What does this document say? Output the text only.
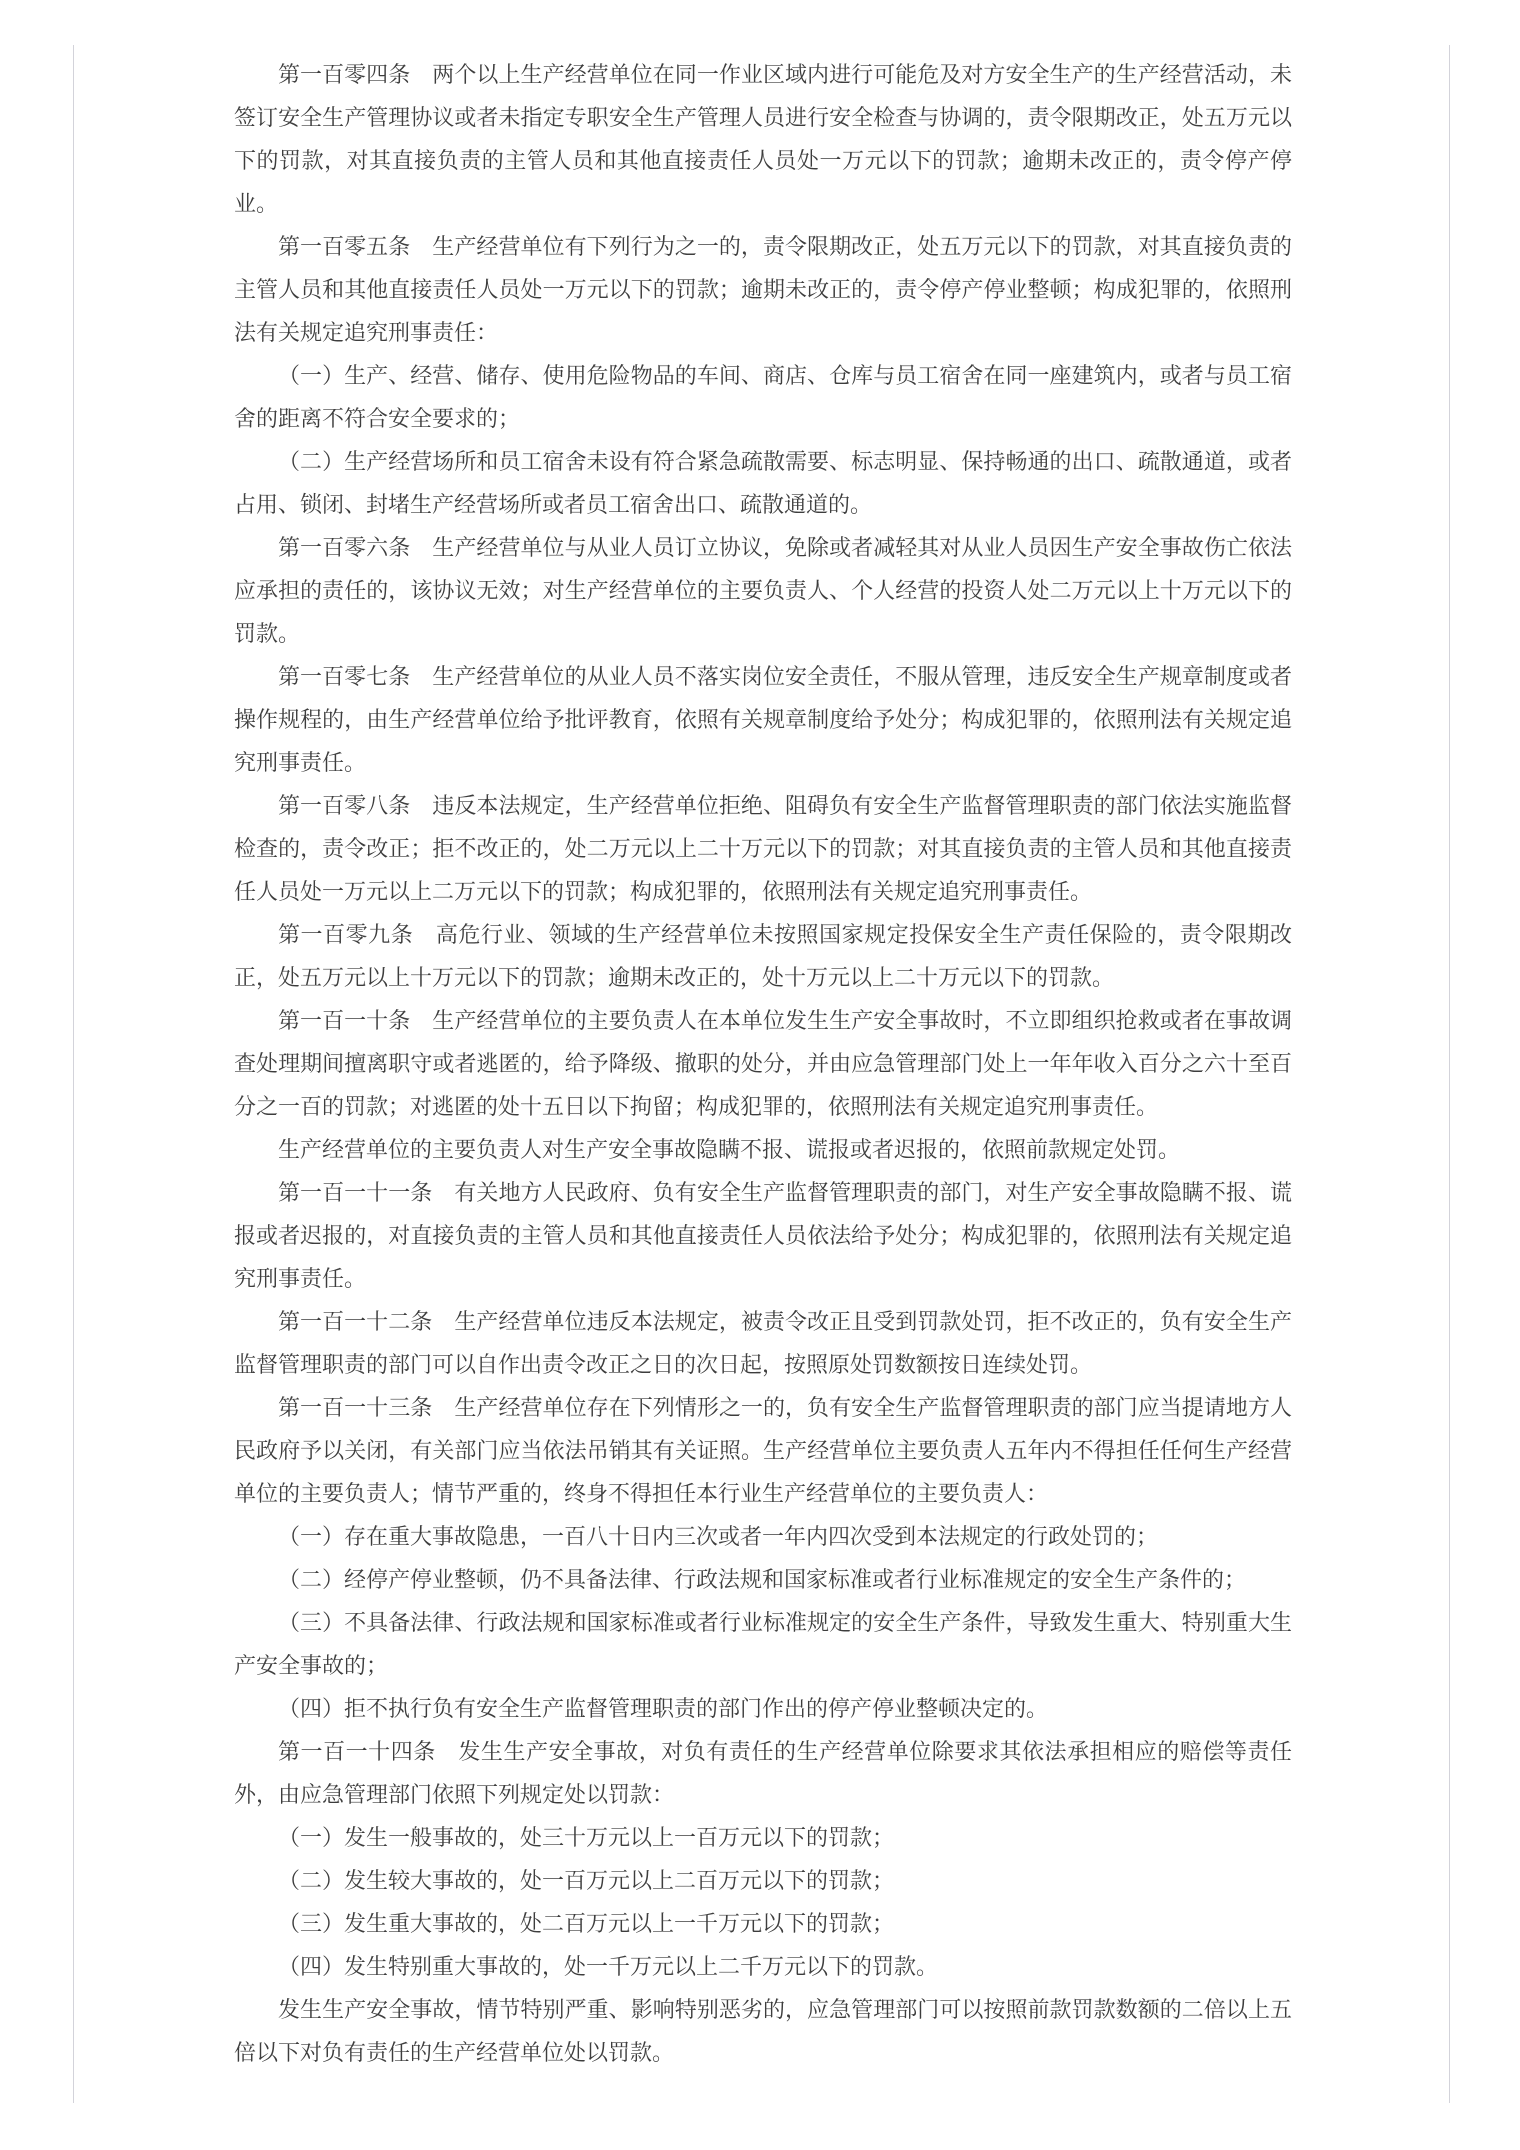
第一百零四条　两个以上生产经营单位在同一作业区域内进行可能危及对方安全生产的生产经营活动，未签订安全生产管理协议或者未指定专职安全生产管理人员进行安全检查与协调的，责令限期改正，处五万元以下的罚款，对其直接负责的主管人员和其他直接责任人员处一万元以下的罚款；逾期未改正的，责令停产停业。

第一百零五条　生产经营单位有下列行为之一的，责令限期改正，处五万元以下的罚款，对其直接负责的主管人员和其他直接责任人员处一万元以下的罚款；逾期未改正的，责令停产停业整顿；构成犯罪的，依照刑法有关规定追究刑事责任：

（一）生产、经营、储存、使用危险物品的车间、商店、仓库与员工宿舍在同一座建筑内，或者与员工宿舍的距离不符合安全要求的；

（二）生产经营场所和员工宿舍未设有符合紧急疏散需要、标志明显、保持畅通的出口、疏散通道，或者占用、锁闭、封堵生产经营场所或者员工宿舍出口、疏散通道的。

第一百零六条　生产经营单位与从业人员订立协议，免除或者减轻其对从业人员因生产安全事故伤亡依法应承担的责任的，该协议无效；对生产经营单位的主要负责人、个人经营的投资人处二万元以上十万元以下的罚款。

第一百零七条　生产经营单位的从业人员不落实岗位安全责任，不服从管理，违反安全生产规章制度或者操作规程的，由生产经营单位给予批评教育，依照有关规章制度给予处分；构成犯罪的，依照刑法有关规定追究刑事责任。

第一百零八条　违反本法规定，生产经营单位拒绝、阻碍负有安全生产监督管理职责的部门依法实施监督检查的，责令改正；拒不改正的，处二万元以上二十万元以下的罚款；对其直接负责的主管人员和其他直接责任人员处一万元以上二万元以下的罚款；构成犯罪的，依照刑法有关规定追究刑事责任。

第一百零九条　高危行业、领域的生产经营单位未按照国家规定投保安全生产责任保险的，责令限期改正，处五万元以上十万元以下的罚款；逾期未改正的，处十万元以上二十万元以下的罚款。

第一百一十条　生产经营单位的主要负责人在本单位发生生产安全事故时，不立即组织抢救或者在事故调查处理期间擅离职守或者逃匿的，给予降级、撤职的处分，并由应急管理部门处上一年年收入百分之六十至百分之一百的罚款；对逃匿的处十五日以下拘留；构成犯罪的，依照刑法有关规定追究刑事责任。

生产经营单位的主要负责人对生产安全事故隐瞒不报、谎报或者迟报的，依照前款规定处罚。

第一百一十一条　有关地方人民政府、负有安全生产监督管理职责的部门，对生产安全事故隐瞒不报、谎报或者迟报的，对直接负责的主管人员和其他直接责任人员依法给予处分；构成犯罪的，依照刑法有关规定追究刑事责任。

第一百一十二条　生产经营单位违反本法规定，被责令改正且受到罚款处罚，拒不改正的，负有安全生产监督管理职责的部门可以自作出责令改正之日的次日起，按照原处罚数额按日连续处罚。

第一百一十三条　生产经营单位存在下列情形之一的，负有安全生产监督管理职责的部门应当提请地方人民政府予以关闭，有关部门应当依法吊销其有关证照。生产经营单位主要负责人五年内不得担任任何生产经营单位的主要负责人；情节严重的，终身不得担任本行业生产经营单位的主要负责人：

（一）存在重大事故隐患，一百八十日内三次或者一年内四次受到本法规定的行政处罚的；

（二）经停产停业整顿，仍不具备法律、行政法规和国家标准或者行业标准规定的安全生产条件的；

（三）不具备法律、行政法规和国家标准或者行业标准规定的安全生产条件，导致发生重大、特别重大生产安全事故的；

（四）拒不执行负有安全生产监督管理职责的部门作出的停产停业整顿决定的。

第一百一十四条　发生生产安全事故，对负有责任的生产经营单位除要求其依法承担相应的赔偿等责任外，由应急管理部门依照下列规定处以罚款：

（一）发生一般事故的，处三十万元以上一百万元以下的罚款；

（二）发生较大事故的，处一百万元以上二百万元以下的罚款；

（三）发生重大事故的，处二百万元以上一千万元以下的罚款；

（四）发生特别重大事故的，处一千万元以上二千万元以下的罚款。

发生生产安全事故，情节特别严重、影响特别恶劣的，应急管理部门可以按照前款罚款数额的二倍以上五倍以下对负有责任的生产经营单位处以罚款。
